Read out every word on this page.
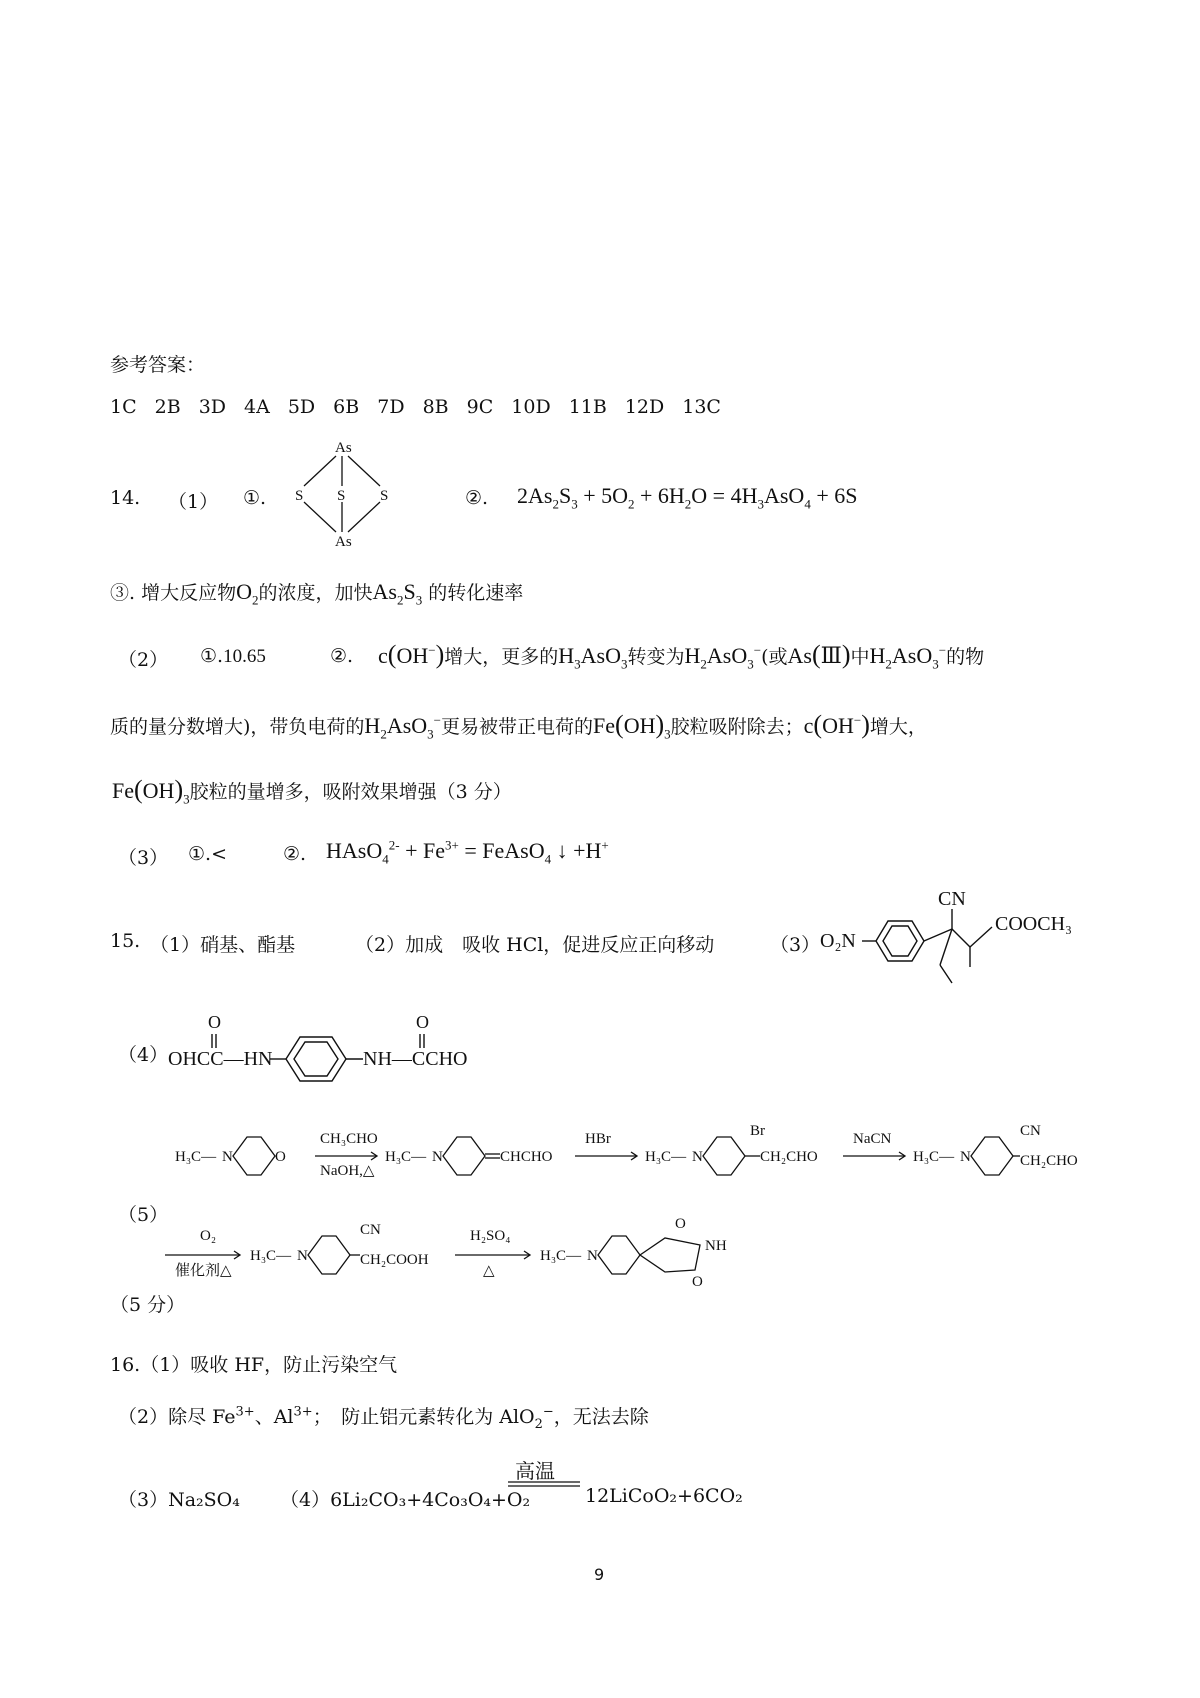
参考答案：
1C 2B 3D 4A 5D 6B 7D 8B 9C 10D 11B 12D 13C
14. （1） ①.
As
As
S S S	②. $2As_2S_3 + 5O_2 + 6H_2O = 4H_3AsO_4 + 6S$
③. 增大反应物$O_2$的浓度，加快$As_2S_3$ 的转化速率
（2） ①.10.65	②. c(OH−)增大，更多的$H_3AsO_3$转变为$H_2AsO_3^-$(或As(Ⅲ)中$H_2AsO_3^-$的物
质的量分数增大)，带负电荷的$H_2AsO_3^-$更易被带正电荷的$Fe(OH)_3$胶粒吸附除去；c(OH−)增大，
$Fe(OH)_3$胶粒的量增多，吸附效果增强（3 分）
（3） ①.<	②. HAsO$_4^{2-}$ + $Fe^{3+}$ = FeAsO$_4$ ↓ +H+
15. （1）硝基、酯基	（2）加成　吸收 HCl，促进反应正向移动	（3） O₂N
CN
COOCH₃
（4） OHCC—HN
O
NH—CCHO
O
（5）
H₃C— N	O
CH₃CHO
NaOH,△
H₃C— N	CHCHO
HBr
H₃C— N
Br
CH₂CHO
NaCN
H₃C— N
CN
CH₂CHO
O₂
催化剂△
H₃C— N
CN
CH₂COOH
H₂SO₄
△
H₃C— N
O
NH
O
（5 分）
16.（1）吸收 HF，防止污染空气
（2）除尽 $Fe^{3+}$、$Al^{3+}$；　防止铝元素转化为 AlO$_2$−，无法去除
（3）Na₂SO₄ （4）6Li₂CO₃+4Co₃O₄+O₂
高温
12LiCoO₂+6CO₂
9
